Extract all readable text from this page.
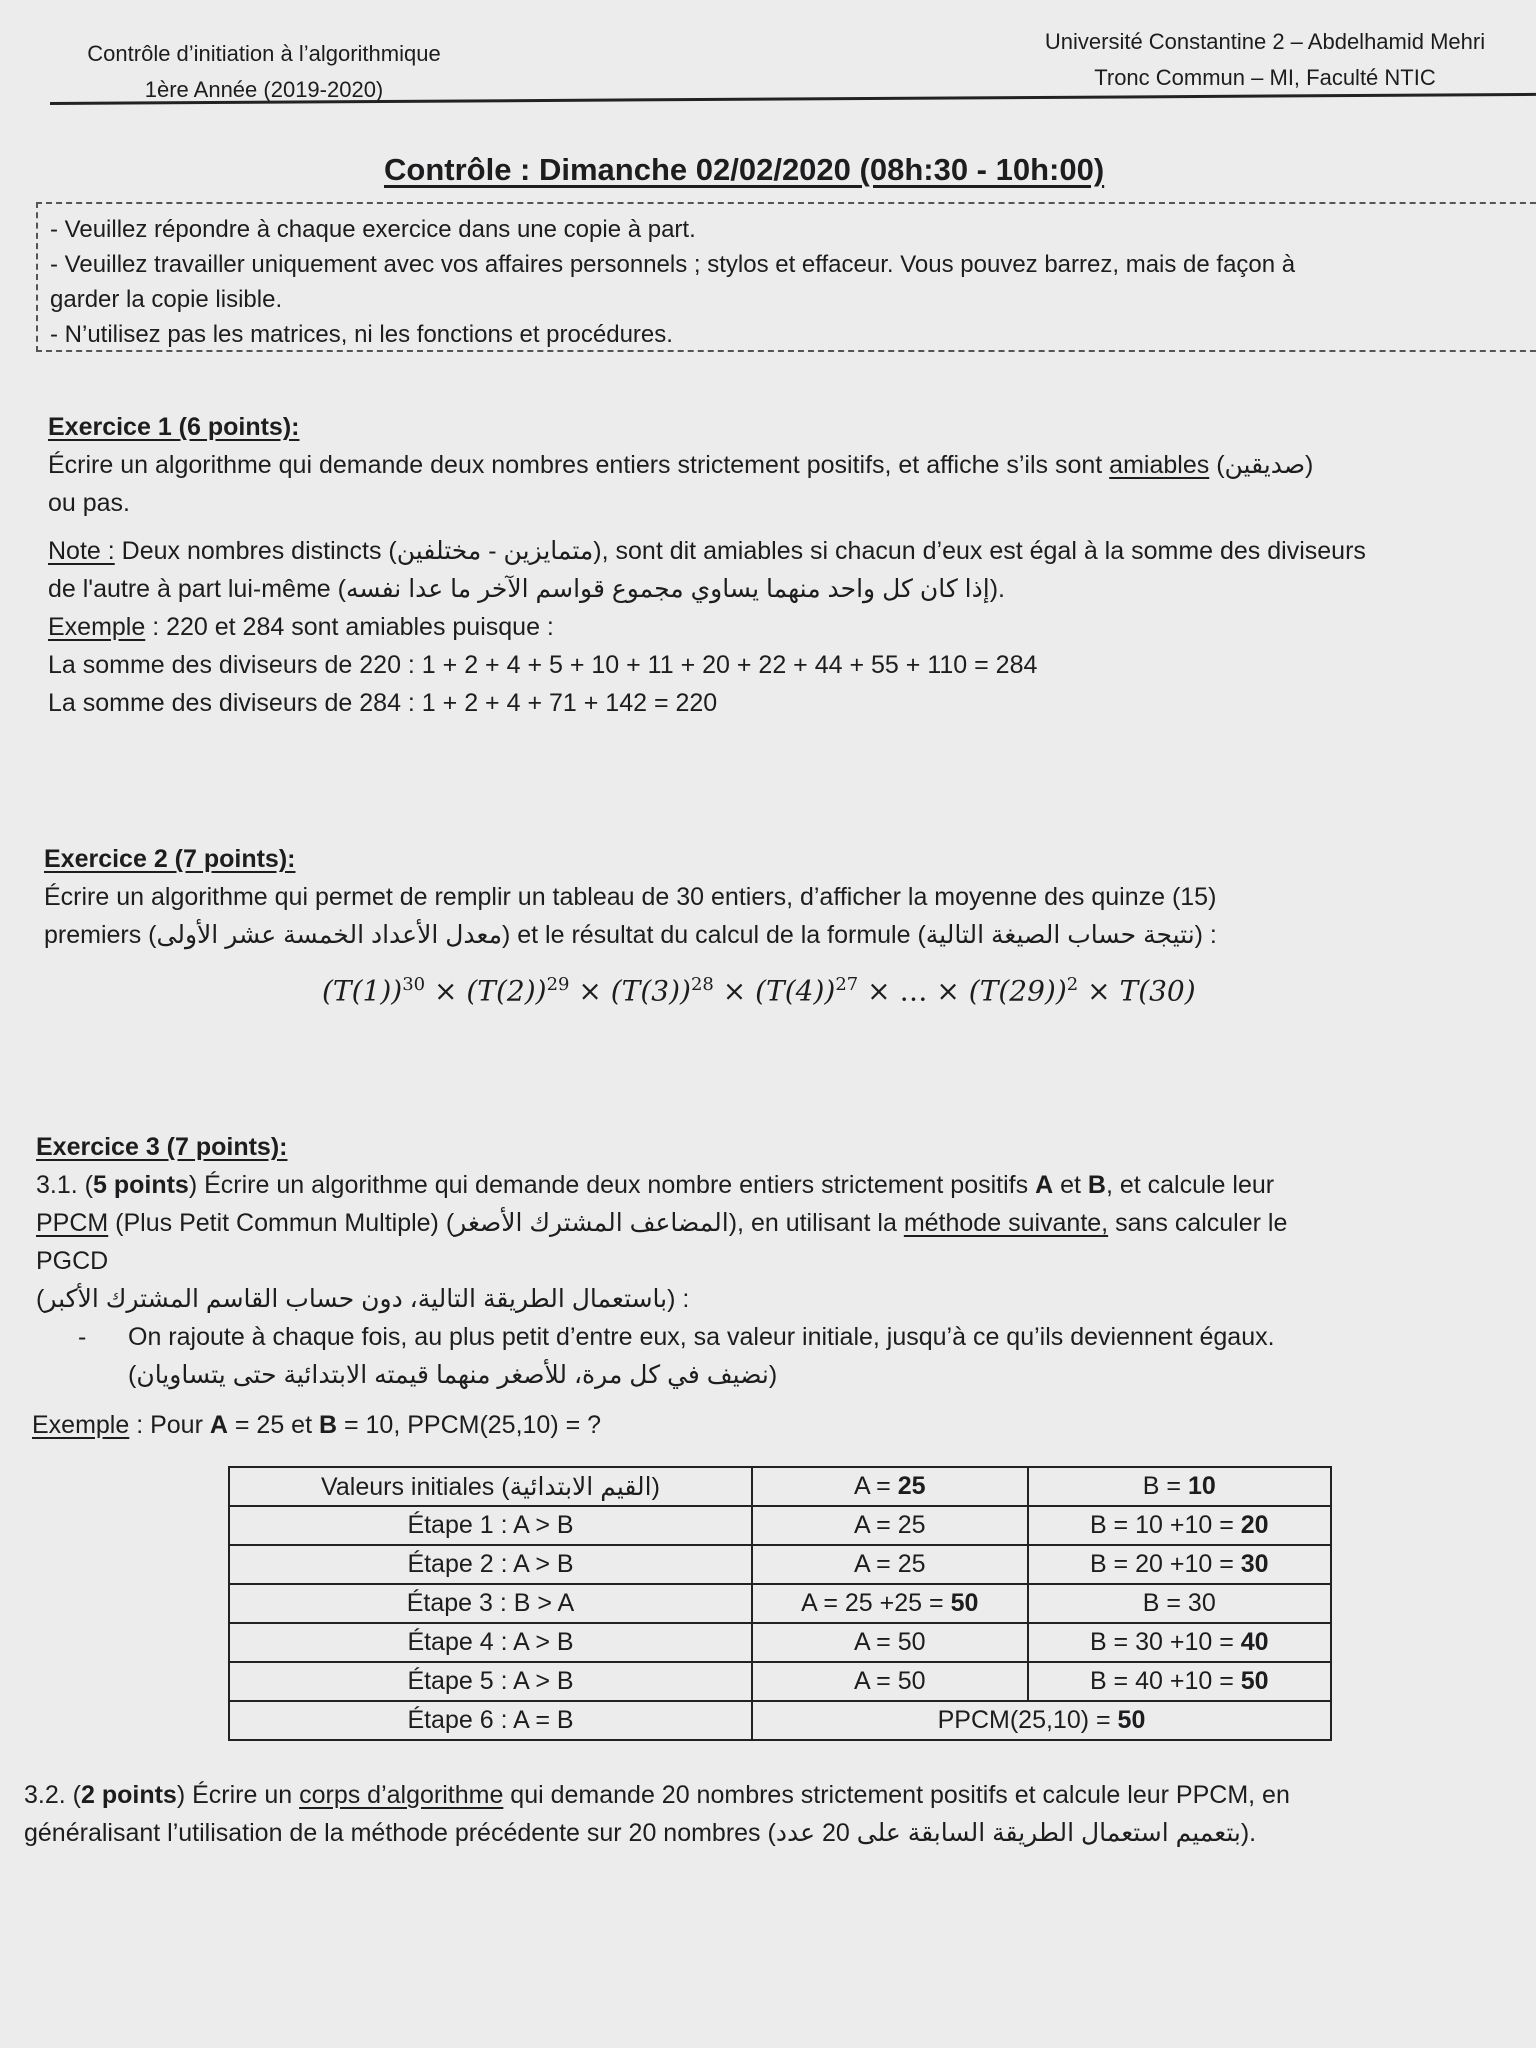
Contrôle d’initiation à l’algorithmique
1ère Année (2019-2020)
Université Constantine 2 – Abdelhamid Mehri
Tronc Commun – MI, Faculté NTIC
Contrôle : Dimanche 02/02/2020 (08h:30 - 10h:00)
- Veuillez répondre à chaque exercice dans une copie à part.
- Veuillez travailler uniquement avec vos affaires personnels ; stylos et effaceur. Vous pouvez barrez, mais de façon à
garder la copie lisible.
- N’utilisez pas les matrices, ni les fonctions et procédures.
Exercice 1 (6 points):
Écrire un algorithme qui demande deux nombres entiers strictement positifs, et affiche s’ils sont amiables (صديقين)
ou pas.
Note : Deux nombres distincts (متمايزين - مختلفين), sont dit amiables si chacun d’eux est égal à la somme des diviseurs
de l'autre à part lui-même (إذا كان كل واحد منهما يساوي مجموع قواسم الآخر ما عدا نفسه).
Exemple : 220 et 284 sont amiables puisque :
La somme des diviseurs de 220 : 1 + 2 + 4 + 5 + 10 + 11 + 20 + 22 + 44 + 55 + 110 = 284
La somme des diviseurs de 284 : 1 + 2 + 4 + 71 + 142 = 220
Exercice 2 (7 points):
Écrire un algorithme qui permet de remplir un tableau de 30 entiers, d’afficher la moyenne des quinze (15)
premiers (معدل الأعداد الخمسة عشر الأولى) et le résultat du calcul de la formule (نتيجة حساب الصيغة التالية) :
$(T(1))^{30} \times (T(2))^{29} \times (T(3))^{28} \times (T(4))^{27}$ × … × $(T(29))^2 \times T(30)$
Exercice 3 (7 points):
3.1. (5 points) Écrire un algorithme qui demande deux nombre entiers strictement positifs A et B, et calcule leur
PPCM (Plus Petit Commun Multiple) (المضاعف المشترك الأصغر), en utilisant la méthode suivante, sans calculer le
PGCD
(باستعمال الطريقة التالية، دون حساب القاسم المشترك الأكبر) :
- On rajoute à chaque fois, au plus petit d’entre eux, sa valeur initiale, jusqu’à ce qu’ils deviennent égaux.
(نضيف في كل مرة، للأصغر منهما قيمته الابتدائية حتى يتساويان)
Exemple : Pour A = 25 et B = 10, PPCM(25,10) = ?
Valeurs initiales (القيم الابتدائية)	A = 25	B = 10
Étape 1 : A > B	A = 25	B = 10 +10 = 20
Étape 2 : A > B	A = 25	B = 20 +10 = 30
Étape 3 : B > A	A = 25 +25 = 50	B = 30
Étape 4 : A > B	A = 50	B = 30 +10 = 40
Étape 5 : A > B	A = 50	B = 40 +10 = 50
Étape 6 : A = B	PPCM(25,10) = 50	
3.2. (2 points) Écrire un corps d’algorithme qui demande 20 nombres strictement positifs et calcule leur PPCM, en
généralisant l’utilisation de la méthode précédente sur 20 nombres (بتعميم استعمال الطريقة السابقة على 20 عدد).
